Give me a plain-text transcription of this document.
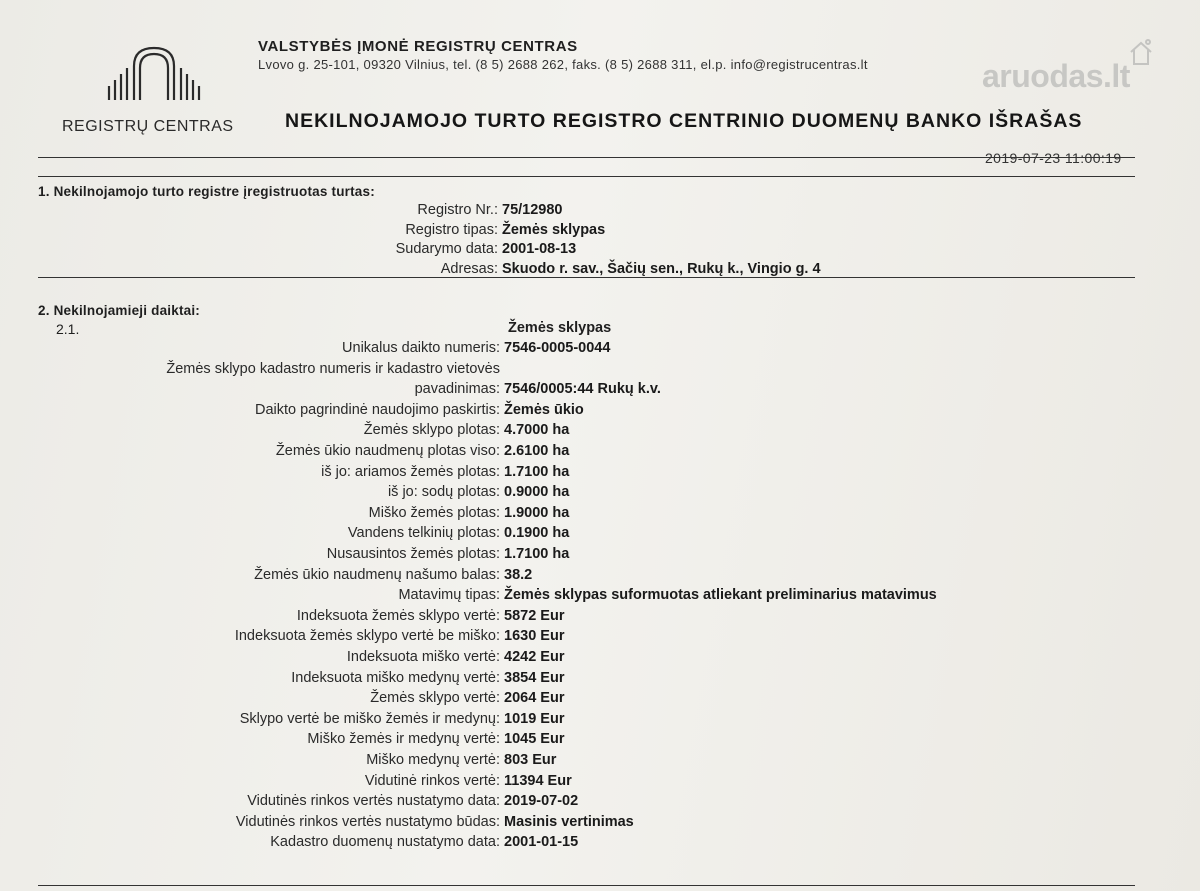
REGISTRŲ CENTRAS
VALSTYBĖS ĮMONĖ REGISTRŲ CENTRAS
Lvovo g. 25-101, 09320 Vilnius, tel. (8 5) 2688 262, faks. (8 5) 2688 311, el.p. info@registrucentras.lt	aruodas.lt
NEKILNOJAMOJO TURTO REGISTRO CENTRINIO DUOMENŲ BANKO IŠRAŠAS
2019-07-23 11:00:19
1. Nekilnojamojo turto registre įregistruotas turtas:
Registro Nr.: 75/12980
Registro tipas: Žemės sklypas
Sudarymo data: 2001-08-13
Adresas: Skuodo r. sav., Šačių sen., Rukų k., Vingio g. 4
2. Nekilnojamieji daiktai:
2.1.	Žemės sklypas
Unikalus daikto numeris: 7546-0005-0044
Žemės sklypo kadastro numeris ir kadastro vietovės
pavadinimas: 7546/0005:44 Rukų k.v.
Daikto pagrindinė naudojimo paskirtis: Žemės ūkio
Žemės sklypo plotas: 4.7000 ha
Žemės ūkio naudmenų plotas viso: 2.6100 ha
iš jo: ariamos žemės plotas: 1.7100 ha
iš jo: sodų plotas: 0.9000 ha
Miško žemės plotas: 1.9000 ha
Vandens telkinių plotas: 0.1900 ha
Nusausintos žemės plotas: 1.7100 ha
Žemės ūkio naudmenų našumo balas: 38.2
Matavimų tipas: Žemės sklypas suformuotas atliekant preliminarius matavimus
Indeksuota žemės sklypo vertė: 5872 Eur
Indeksuota žemės sklypo vertė be miško: 1630 Eur
Indeksuota miško vertė: 4242 Eur
Indeksuota miško medynų vertė: 3854 Eur
Žemės sklypo vertė: 2064 Eur
Sklypo vertė be miško žemės ir medynų: 1019 Eur
Miško žemės ir medynų vertė: 1045 Eur
Miško medynų vertė: 803 Eur
Vidutinė rinkos vertė: 11394 Eur
Vidutinės rinkos vertės nustatymo data: 2019-07-02
Vidutinės rinkos vertės nustatymo būdas: Masinis vertinimas
Kadastro duomenų nustatymo data: 2001-01-15
